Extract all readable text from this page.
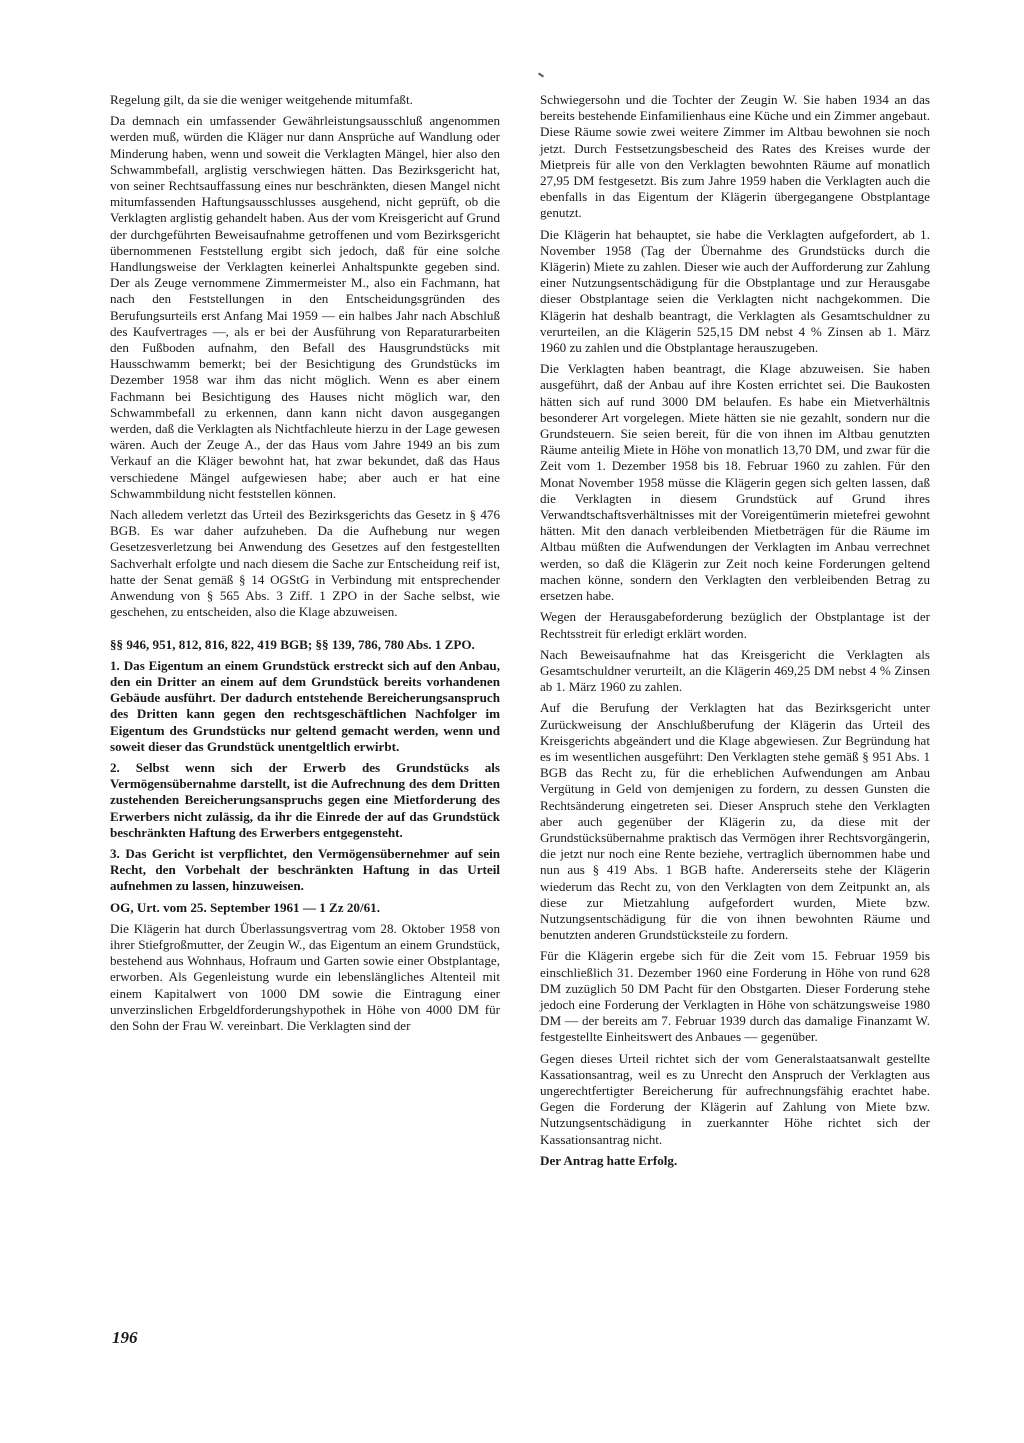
Regelung gilt, da sie die weniger weitgehende mitumfaßt.

Da demnach ein umfassender Gewährleistungsausschluß angenommen werden muß, würden die Kläger nur dann Ansprüche auf Wandlung oder Minderung haben, wenn und soweit die Verklagten Mängel, hier also den Schwammbefall, arglistig verschwiegen hätten. Das Bezirksgericht hat, von seiner Rechtsauffassung eines nur beschränkten, diesen Mangel nicht mitumfassenden Haftungsausschlusses ausgehend, nicht geprüft, ob die Verklagten arglistig gehandelt haben. Aus der vom Kreisgericht auf Grund der durchgeführten Beweisaufnahme getroffenen und vom Bezirksgericht übernommenen Feststellung ergibt sich jedoch, daß für eine solche Handlungsweise der Verklagten keinerlei Anhaltspunkte gegeben sind. Der als Zeuge vernommene Zimmermeister M., also ein Fachmann, hat nach den Feststellungen in den Entscheidungsgründen des Berufungsurteils erst Anfang Mai 1959 — ein halbes Jahr nach Abschluß des Kaufvertrages —, als er bei der Ausführung von Reparaturarbeiten den Fußboden aufnahm, den Befall des Hausgrundstücks mit Hausschwamm bemerkt; bei der Besichtigung des Grundstücks im Dezember 1958 war ihm das nicht möglich. Wenn es aber einem Fachmann bei Besichtigung des Hauses nicht möglich war, den Schwammbefall zu erkennen, dann kann nicht davon ausgegangen werden, daß die Verklagten als Nichtfachleute hierzu in der Lage gewesen wären. Auch der Zeuge A., der das Haus vom Jahre 1949 an bis zum Verkauf an die Kläger bewohnt hat, hat zwar bekundet, daß das Haus verschiedene Mängel aufgewiesen habe; aber auch er hat eine Schwammbildung nicht feststellen können.

Nach alledem verletzt das Urteil des Bezirksgerichts das Gesetz in § 476 BGB. Es war daher aufzuheben. Da die Aufhebung nur wegen Gesetzesverletzung bei Anwendung des Gesetzes auf den festgestellten Sachverhalt erfolgte und nach diesem die Sache zur Entscheidung reif ist, hatte der Senat gemäß § 14 OGStG in Verbindung mit entsprechender Anwendung von § 565 Abs. 3 Ziff. 1 ZPO in der Sache selbst, wie geschehen, zu entscheiden, also die Klage abzuweisen.

§§ 946, 951, 812, 816, 822, 419 BGB; §§ 139, 786, 780 Abs. 1 ZPO.

1. Das Eigentum an einem Grundstück erstreckt sich auf den Anbau, den ein Dritter an einem auf dem Grundstück bereits vorhandenen Gebäude ausführt. Der dadurch entstehende Bereicherungsanspruch des Dritten kann gegen den rechtsgeschäftlichen Nachfolger im Eigentum des Grundstücks nur geltend gemacht werden, wenn und soweit dieser das Grundstück unentgeltlich erwirbt.

2. Selbst wenn sich der Erwerb des Grundstücks als Vermögensübernahme darstellt, ist die Aufrechnung des dem Dritten zustehenden Bereicherungsanspruchs gegen eine Mietforderung des Erwerbers nicht zulässig, da ihr die Einrede der auf das Grundstück beschränkten Haftung des Erwerbers entgegensteht.

3. Das Gericht ist verpflichtet, den Vermögensübernehmer auf sein Recht, den Vorbehalt der beschränkten Haftung in das Urteil aufnehmen zu lassen, hinzuweisen.

OG, Urt. vom 25. September 1961 — 1 Zz 20/61.

Die Klägerin hat durch Überlassungsvertrag vom 28. Oktober 1958 von ihrer Stiefgroßmutter, der Zeugin W., das Eigentum an einem Grundstück, bestehend aus Wohnhaus, Hofraum und Garten sowie einer Obstplantage, erworben. Als Gegenleistung wurde ein lebenslängliches Altenteil mit einem Kapitalwert von 1000 DM sowie die Eintragung einer unverzinslichen Erbgeldforderungshypothek in Höhe von 4000 DM für den Sohn der Frau W. vereinbart. Die Verklagten sind der

Schwiegersohn und die Tochter der Zeugin W. Sie haben 1934 an das bereits bestehende Einfamilienhaus eine Küche und ein Zimmer angebaut. Diese Räume sowie zwei weitere Zimmer im Altbau bewohnen sie noch jetzt. Durch Festsetzungsbescheid des Rates des Kreises wurde der Mietpreis für alle von den Verklagten bewohnten Räume auf monatlich 27,95 DM festgesetzt. Bis zum Jahre 1959 haben die Verklagten auch die ebenfalls in das Eigentum der Klägerin übergegangene Obstplantage genutzt.

Die Klägerin hat behauptet, sie habe die Verklagten aufgefordert, ab 1. November 1958 (Tag der Übernahme des Grundstücks durch die Klägerin) Miete zu zahlen. Dieser wie auch der Aufforderung zur Zahlung einer Nutzungsentschädigung für die Obstplantage und zur Herausgabe dieser Obstplantage seien die Verklagten nicht nachgekommen. Die Klägerin hat deshalb beantragt, die Verklagten als Gesamtschuldner zu verurteilen, an die Klägerin 525,15 DM nebst 4 % Zinsen ab 1. März 1960 zu zahlen und die Obstplantage herauszugeben.

Die Verklagten haben beantragt, die Klage abzuweisen. Sie haben ausgeführt, daß der Anbau auf ihre Kosten errichtet sei. Die Baukosten hätten sich auf rund 3000 DM belaufen. Es habe ein Mietverhältnis besonderer Art vorgelegen. Miete hätten sie nie gezahlt, sondern nur die Grundsteuern. Sie seien bereit, für die von ihnen im Altbau genutzten Räume anteilig Miete in Höhe von monatlich 13,70 DM, und zwar für die Zeit vom 1. Dezember 1958 bis 18. Februar 1960 zu zahlen. Für den Monat November 1958 müsse die Klägerin gegen sich gelten lassen, daß die Verklagten in diesem Grundstück auf Grund ihres Verwandtschaftsverhältnisses mit der Voreigentümerin mietefrei gewohnt hätten. Mit den danach verbleibenden Mietbeträgen für die Räume im Altbau müßten die Aufwendungen der Verklagten im Anbau verrechnet werden, so daß die Klägerin zur Zeit noch keine Forderungen geltend machen könne, sondern den Verklagten den verbleibenden Betrag zu ersetzen habe.

Wegen der Herausgabeforderung bezüglich der Obstplantage ist der Rechtsstreit für erledigt erklärt worden.

Nach Beweisaufnahme hat das Kreisgericht die Verklagten als Gesamtschuldner verurteilt, an die Klägerin 469,25 DM nebst 4 % Zinsen ab 1. März 1960 zu zahlen.

Auf die Berufung der Verklagten hat das Bezirksgericht unter Zurückweisung der Anschlußberufung der Klägerin das Urteil des Kreisgerichts abgeändert und die Klage abgewiesen. Zur Begründung hat es im wesentlichen ausgeführt: Den Verklagten stehe gemäß § 951 Abs. 1 BGB das Recht zu, für die erheblichen Aufwendungen am Anbau Vergütung in Geld von demjenigen zu fordern, zu dessen Gunsten die Rechtsänderung eingetreten sei. Dieser Anspruch stehe den Verklagten aber auch gegenüber der Klägerin zu, da diese mit der Grundstücksübernahme praktisch das Vermögen ihrer Rechtsvorgängerin, die jetzt nur noch eine Rente beziehe, vertraglich übernommen habe und nun aus § 419 Abs. 1 BGB hafte. Andererseits stehe der Klägerin wiederum das Recht zu, von den Verklagten von dem Zeitpunkt an, als diese zur Mietzahlung aufgefordert wurden, Miete bzw. Nutzungsentschädigung für die von ihnen bewohnten Räume und benutzten anderen Grundstücksteile zu fordern.

Für die Klägerin ergebe sich für die Zeit vom 15. Februar 1959 bis einschließlich 31. Dezember 1960 eine Forderung in Höhe von rund 628 DM zuzüglich 50 DM Pacht für den Obstgarten. Dieser Forderung stehe jedoch eine Forderung der Verklagten in Höhe von schätzungsweise 1980 DM — der bereits am 7. Februar 1939 durch das damalige Finanzamt W. festgestellte Einheitswert des Anbaues — gegenüber.

Gegen dieses Urteil richtet sich der vom Generalstaatsanwalt gestellte Kassationsantrag, weil es zu Unrecht den Anspruch der Verklagten aus ungerechtfertigter Bereicherung für aufrechnungsfähig erachtet habe. Gegen die Forderung der Klägerin auf Zahlung von Miete bzw. Nutzungsentschädigung in zuerkannter Höhe richtet sich der Kassationsantrag nicht.

Der Antrag hatte Erfolg.

196
